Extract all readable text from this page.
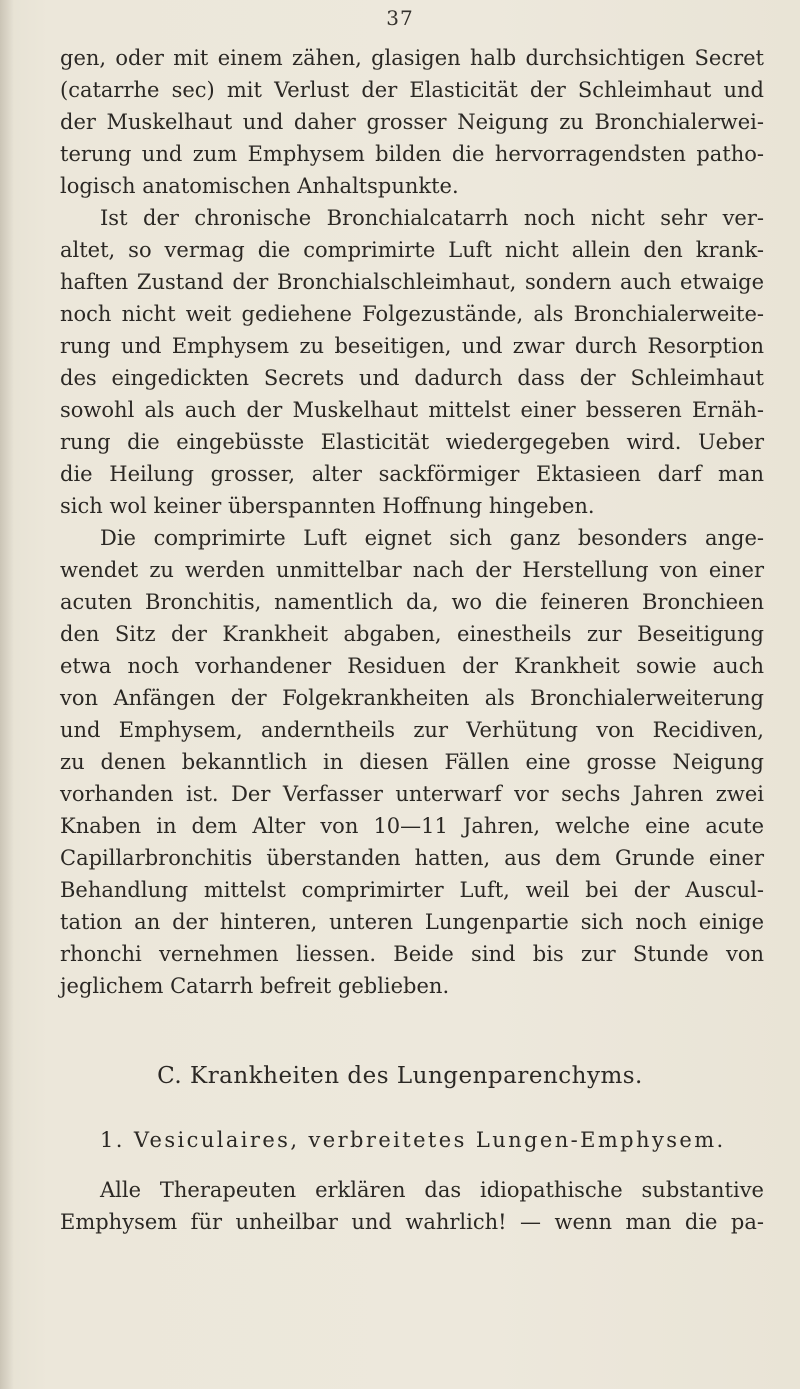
37
gen, oder mit einem zähen, glasigen halb durchsichtigen Secret
(catarrhe sec) mit Verlust der Elasticität der Schleimhaut und
der Muskelhaut und daher grosser Neigung zu Bronchialerwei-
terung und zum Emphysem bilden die hervorragendsten patho-
logisch anatomischen Anhaltspunkte.
Ist der chronische Bronchialcatarrh noch nicht sehr ver-
altet, so vermag die comprimirte Luft nicht allein den krank-
haften Zustand der Bronchialschleimhaut, sondern auch etwaige
noch nicht weit gediehene Folgezustände, als Bronchialerweite-
rung und Emphysem zu beseitigen, und zwar durch Resorption
des eingedickten Secrets und dadurch dass der Schleimhaut
sowohl als auch der Muskelhaut mittelst einer besseren Ernäh-
rung die eingebüsste Elasticität wiedergegeben wird. Ueber
die Heilung grosser, alter sackförmiger Ektasieen darf man
sich wol keiner überspannten Hoffnung hingeben.
Die comprimirte Luft eignet sich ganz besonders ange-
wendet zu werden unmittelbar nach der Herstellung von einer
acuten Bronchitis, namentlich da, wo die feineren Bronchieen
den Sitz der Krankheit abgaben, einestheils zur Beseitigung
etwa noch vorhandener Residuen der Krankheit sowie auch
von Anfängen der Folgekrankheiten als Bronchialerweiterung
und Emphysem, anderntheils zur Verhütung von Recidiven,
zu denen bekanntlich in diesen Fällen eine grosse Neigung
vorhanden ist. Der Verfasser unterwarf vor sechs Jahren zwei
Knaben in dem Alter von 10—11 Jahren, welche eine acute
Capillarbronchitis überstanden hatten, aus dem Grunde einer
Behandlung mittelst comprimirter Luft, weil bei der Auscul-
tation an der hinteren, unteren Lungenpartie sich noch einige
rhonchi vernehmen liessen. Beide sind bis zur Stunde von
jeglichem Catarrh befreit geblieben.
C. Krankheiten des Lungenparenchyms.
1. Vesiculaires, verbreitetes Lungen-Emphysem.
Alle Therapeuten erklären das idiopathische substantive
Emphysem für unheilbar und wahrlich! — wenn man die pa-
